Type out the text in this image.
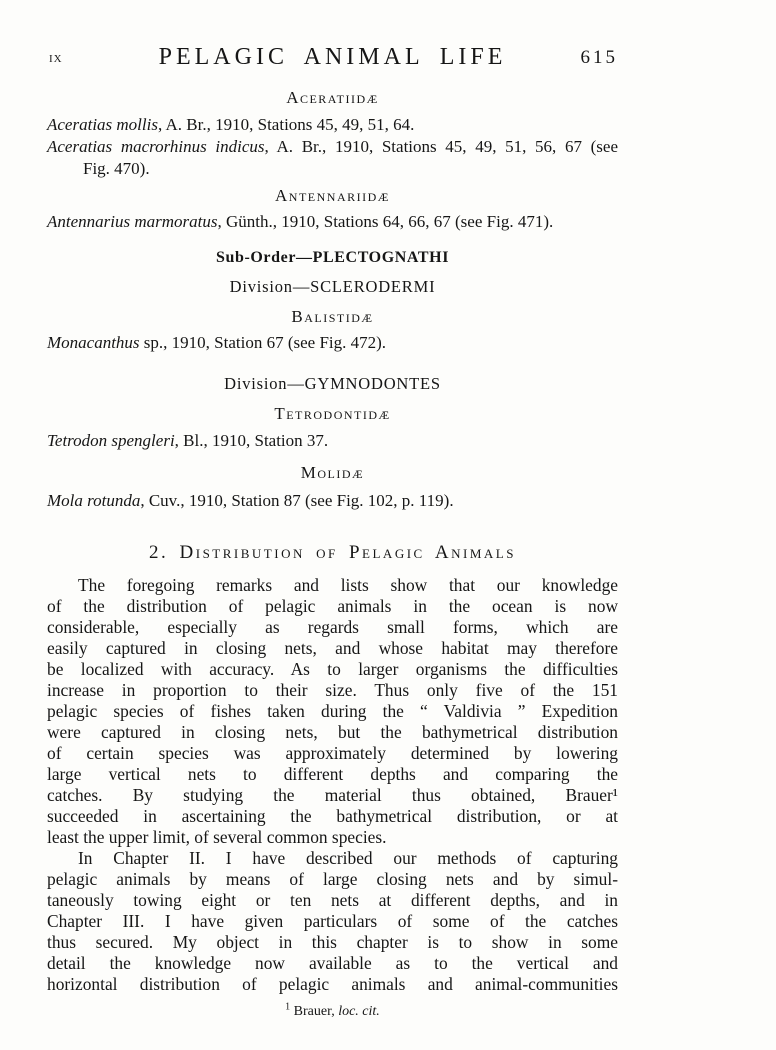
IX	PELAGIC ANIMAL LIFE	615
Aceratiidæ

Aceratias mollis, A. Br., 1910, Stations 45, 49, 51, 64.

Aceratias macrorhinus indicus, A. Br., 1910, Stations 45, 49, 51, 56, 67 (see
Fig. 470).
Antennariidæ

Antennarius marmoratus, Günth., 1910, Stations 64, 66, 67 (see Fig. 471).

Sub-Order—PLECTOGNATHI
Division—SCLERODERMI
Balistidæ

Monacanthus sp., 1910, Station 67 (see Fig. 472).

Division—GYMNODONTES
Tetrodontidæ

Tetrodon spengleri, Bl., 1910, Station 37.

Molidæ

Mola rotunda, Cuv., 1910, Station 87 (see Fig. 102, p. 119).

2. Distribution of Pelagic Animals
The foregoing remarks and lists show that our knowledge
of the distribution of pelagic animals in the ocean is now
considerable, especially as regards small forms, which are
easily captured in closing nets, and whose habitat may therefore
be localized with accuracy. As to larger organisms the difficulties
increase in proportion to their size. Thus only five of the 151
pelagic species of fishes taken during the “ Valdivia ” Expedition
were captured in closing nets, but the bathymetrical distribution
of certain species was approximately determined by lowering
large vertical nets to different depths and comparing the
catches. By studying the material thus obtained, Brauer¹
succeeded in ascertaining the bathymetrical distribution, or at
least the upper limit, of several common species.
In Chapter II. I have described our methods of capturing
pelagic animals by means of large closing nets and by simul-
taneously towing eight or ten nets at different depths, and in
Chapter III. I have given particulars of some of the catches
thus secured. My object in this chapter is to show in some
detail the knowledge now available as to the vertical and
horizontal distribution of pelagic animals and animal-communities
$^1$ Brauer, loc. cit.
